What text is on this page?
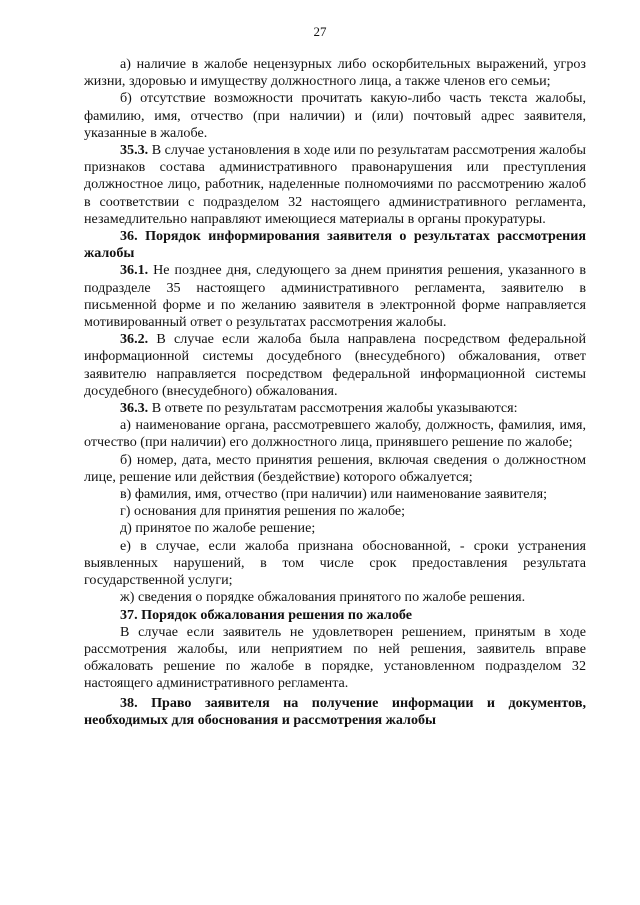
27

а) наличие в жалобе нецензурных либо оскорбительных выражений, угроз жизни, здоровью и имуществу должностного лица, а также членов его семьи;

б) отсутствие возможности прочитать какую-либо часть текста жалобы, фамилию, имя, отчество (при наличии) и (или) почтовый адрес заявителя, указанные в жалобе.

35.3. В случае установления в ходе или по результатам рассмотрения жалобы признаков состава административного правонарушения или преступления должностное лицо, работник, наделенные полномочиями по рассмотрению жалоб в соответствии с подразделом 32 настоящего административного регламента, незамедлительно направляют имеющиеся материалы в органы прокуратуры.

36. Порядок информирования заявителя о результатах рассмотрения жалобы

36.1. Не позднее дня, следующего за днем принятия решения, указанного в подразделе 35 настоящего административного регламента, заявителю в письменной форме и по желанию заявителя в электронной форме направляется мотивированный ответ о результатах рассмотрения жалобы.

36.2. В случае если жалоба была направлена посредством федеральной информационной системы досудебного (внесудебного) обжалования, ответ заявителю направляется посредством федеральной информационной системы досудебного (внесудебного) обжалования.

36.3. В ответе по результатам рассмотрения жалобы указываются:

а) наименование органа, рассмотревшего жалобу, должность, фамилия, имя, отчество (при наличии) его должностного лица, принявшего решение по жалобе;

б) номер, дата, место принятия решения, включая сведения о должностном лице, решение или действия (бездействие) которого обжалуется;

в) фамилия, имя, отчество (при наличии) или наименование заявителя;

г) основания для принятия решения по жалобе;

д) принятое по жалобе решение;

е) в случае, если жалоба признана обоснованной, - сроки устранения выявленных нарушений, в том числе срок предоставления результата государственной услуги;

ж) сведения о порядке обжалования принятого по жалобе решения.

37. Порядок обжалования решения по жалобе

В случае если заявитель не удовлетворен решением, принятым в ходе рассмотрения жалобы, или неприятием по ней решения, заявитель вправе обжаловать решение по жалобе в порядке, установленном подразделом 32 настоящего административного регламента.

38. Право заявителя на получение информации и документов, необходимых для обоснования и рассмотрения жалобы
